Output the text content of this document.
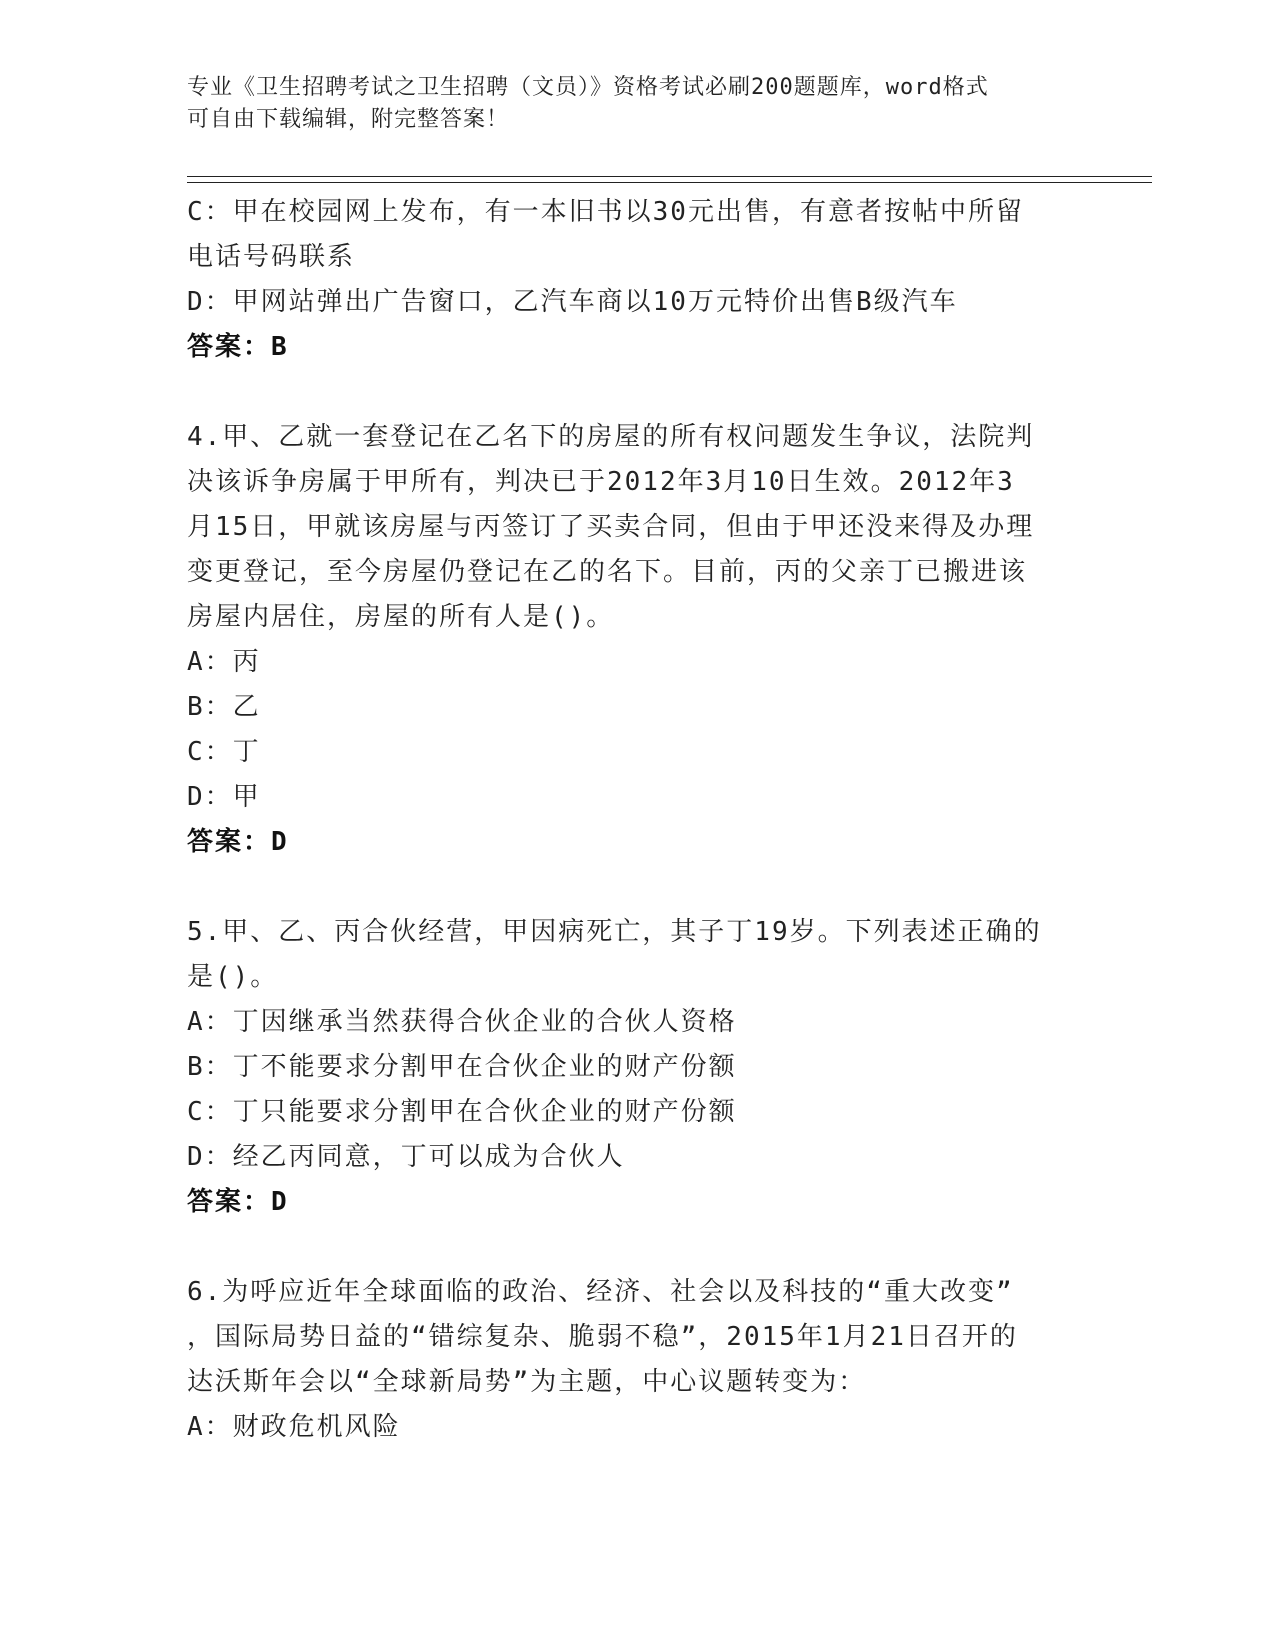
专业《卫生招聘考试之卫生招聘（文员）》资格考试必刷200题题库，word格式
可自由下载编辑，附完整答案！
C：甲在校园网上发布，有一本旧书以30元出售，有意者按帖中所留
电话号码联系
D：甲网站弹出广告窗口，乙汽车商以10万元特价出售B级汽车
答案：B
4.甲、乙就一套登记在乙名下的房屋的所有权问题发生争议，法院判
决该诉争房属于甲所有，判决已于2012年3月10日生效。2012年3
月15日，甲就该房屋与丙签订了买卖合同，但由于甲还没来得及办理
变更登记，至今房屋仍登记在乙的名下。目前，丙的父亲丁已搬进该
房屋内居住，房屋的所有人是()。
A：丙
B：乙
C：丁
D：甲
答案：D
5.甲、乙、丙合伙经营，甲因病死亡，其子丁19岁。下列表述正确的
是()。
A：丁因继承当然获得合伙企业的合伙人资格
B：丁不能要求分割甲在合伙企业的财产份额
C：丁只能要求分割甲在合伙企业的财产份额
D：经乙丙同意，丁可以成为合伙人
答案：D
6.为呼应近年全球面临的政治、经济、社会以及科技的“重大改变”
，国际局势日益的“错综复杂、脆弱不稳”，2015年1月21日召开的
达沃斯年会以“全球新局势”为主题，中心议题转变为：
A：财政危机风险
